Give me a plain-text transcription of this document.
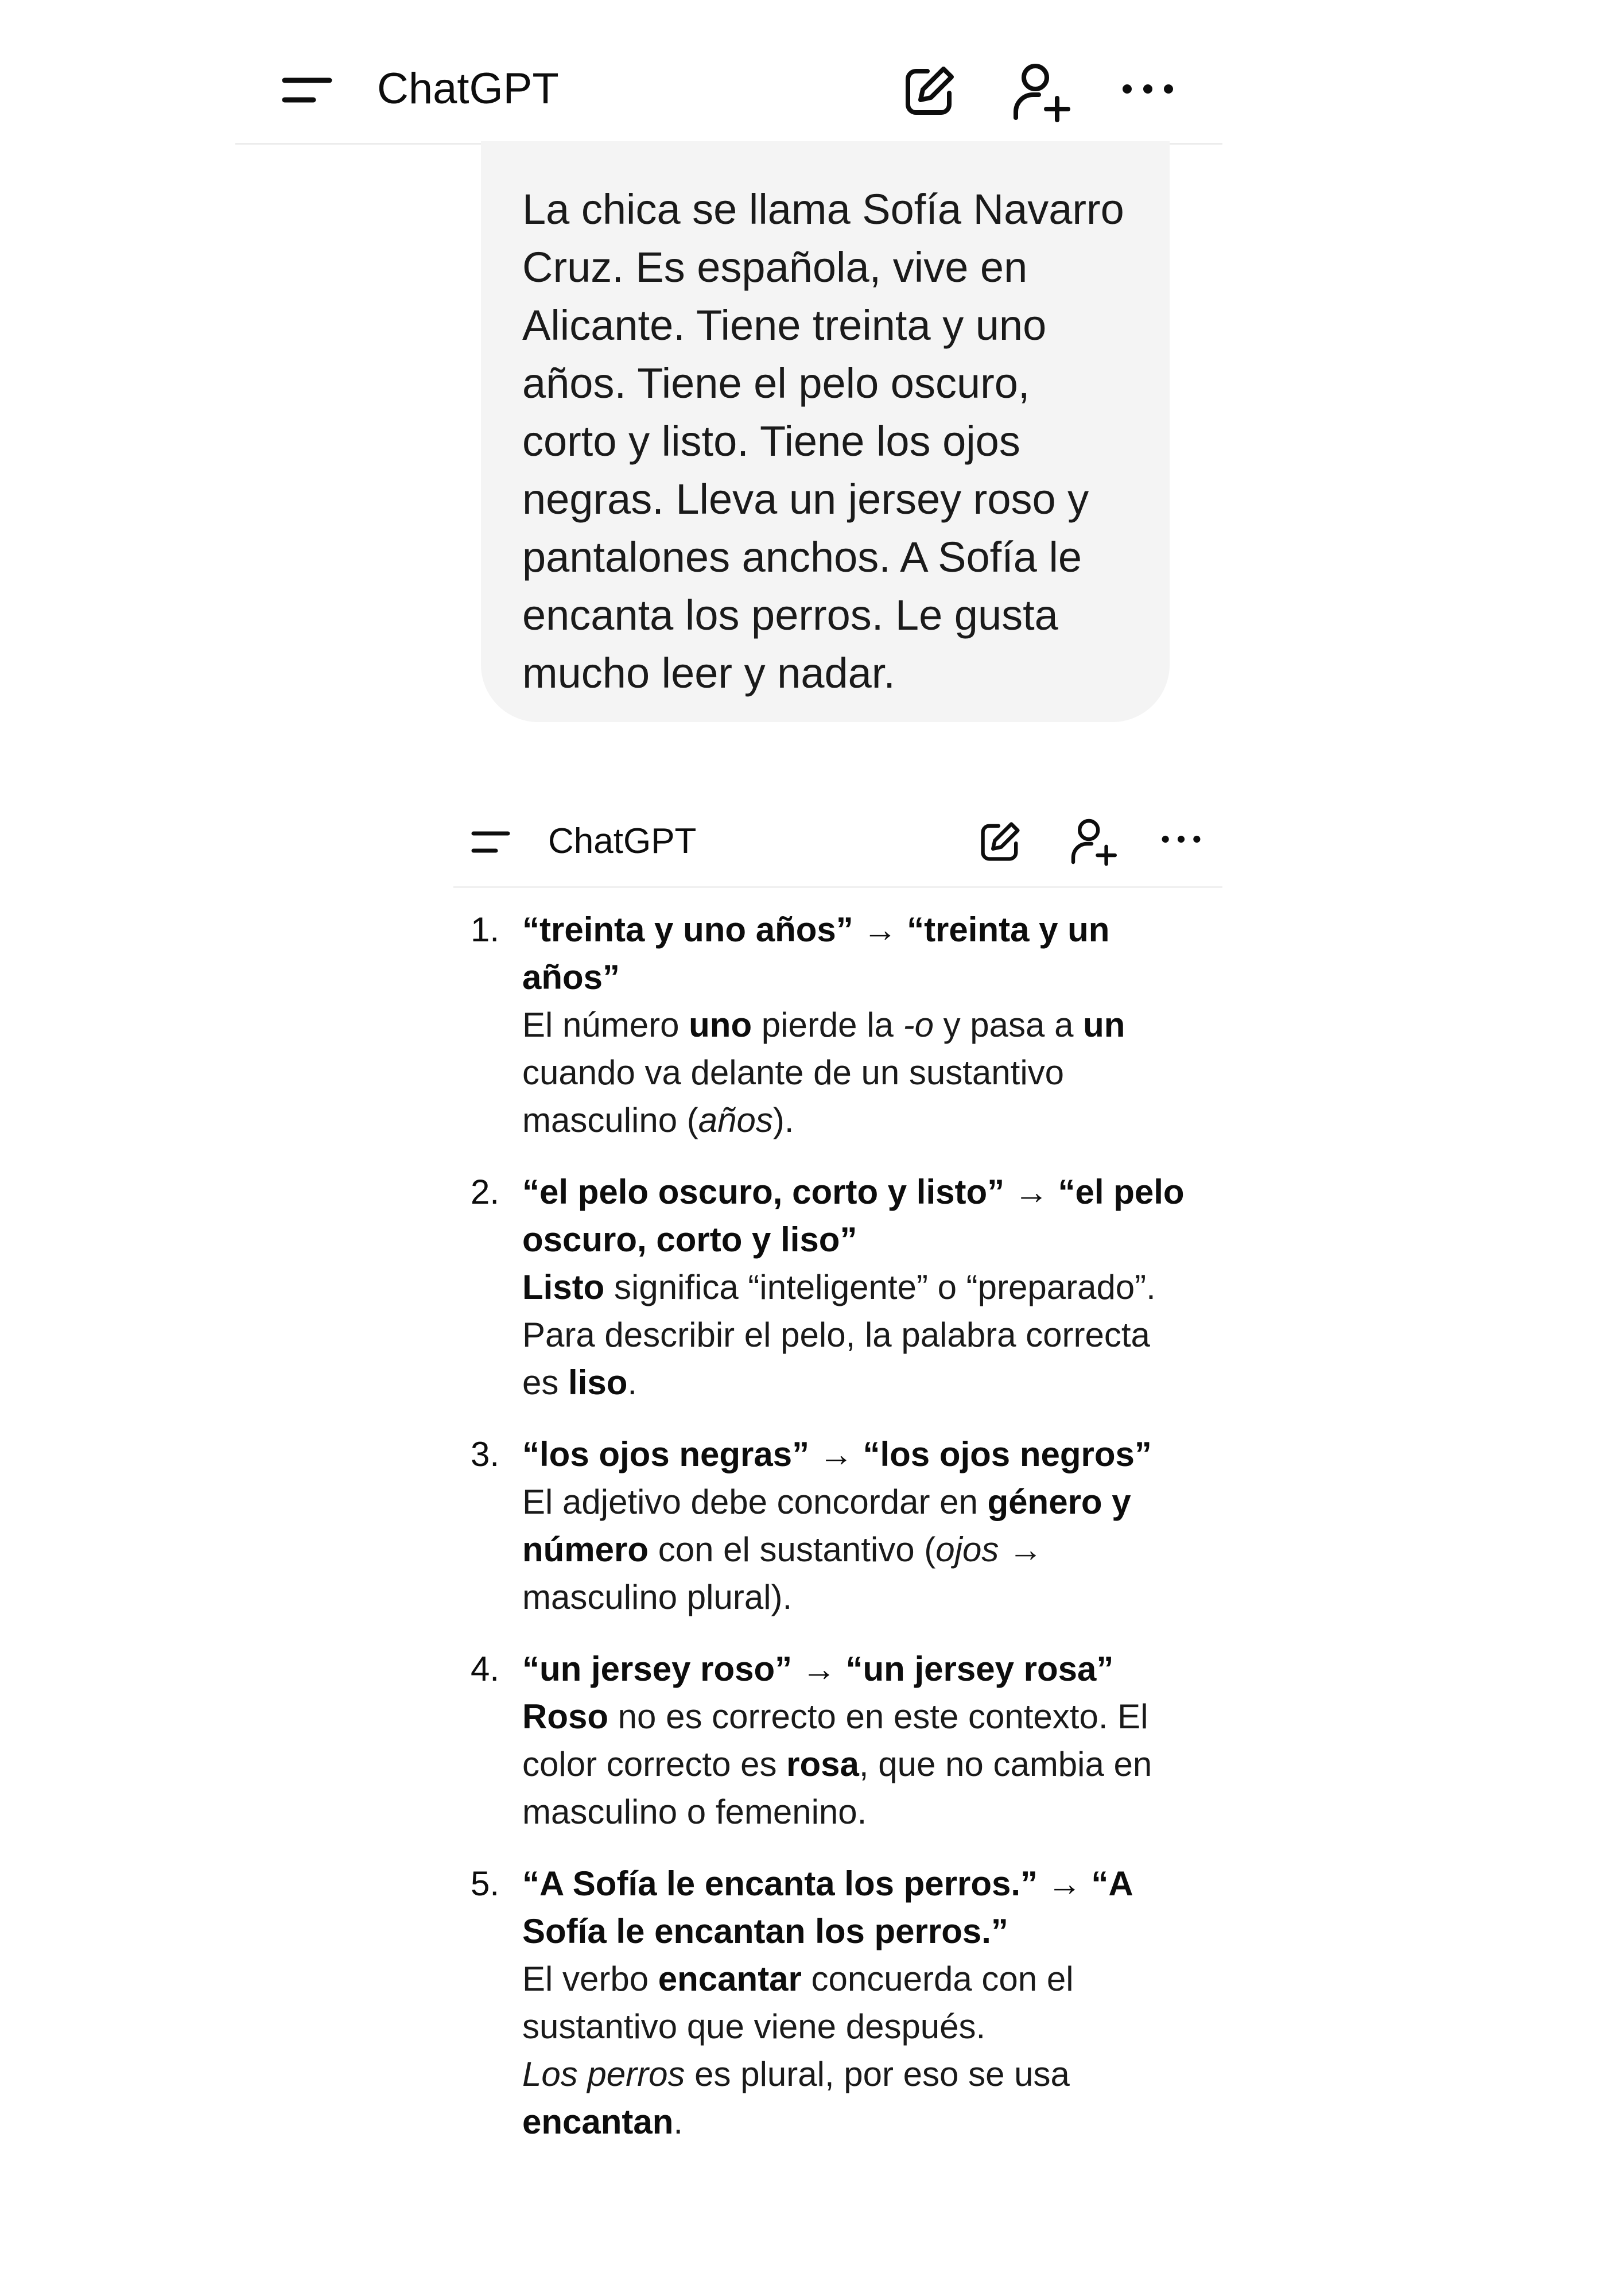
ChatGPT

La chica se llama Sofía Navarro

Cruz. Es española, vive en

Alicante. Tiene treinta y uno

años. Tiene el pelo oscuro,

corto y listo. Tiene los ojos

negras. Lleva un jersey roso y

pantalones anchos. A Sofía le

encanta los perros. Le gusta

mucho leer y nadar.

ChatGPT
1. “treinta y uno años” → “treinta y un
años”
El número uno pierde la -o y pasa a un
cuando va delante de un sustantivo
masculino (años).
2. “el pelo oscuro, corto y listo” → “el pelo
oscuro, corto y liso”
Listo significa “inteligente” o “preparado”.
Para describir el pelo, la palabra correcta
es liso.
3. “los ojos negras” → “los ojos negros”
El adjetivo debe concordar en género y
número con el sustantivo (ojos →
masculino plural).
4. “un jersey roso” → “un jersey rosa”
Roso no es correcto en este contexto. El
color correcto es rosa, que no cambia en
masculino o femenino.
5. “A Sofía le encanta los perros.” → “A
Sofía le encantan los perros.”
El verbo encantar concuerda con el
sustantivo que viene después.
Los perros es plural, por eso se usa
encantan.
